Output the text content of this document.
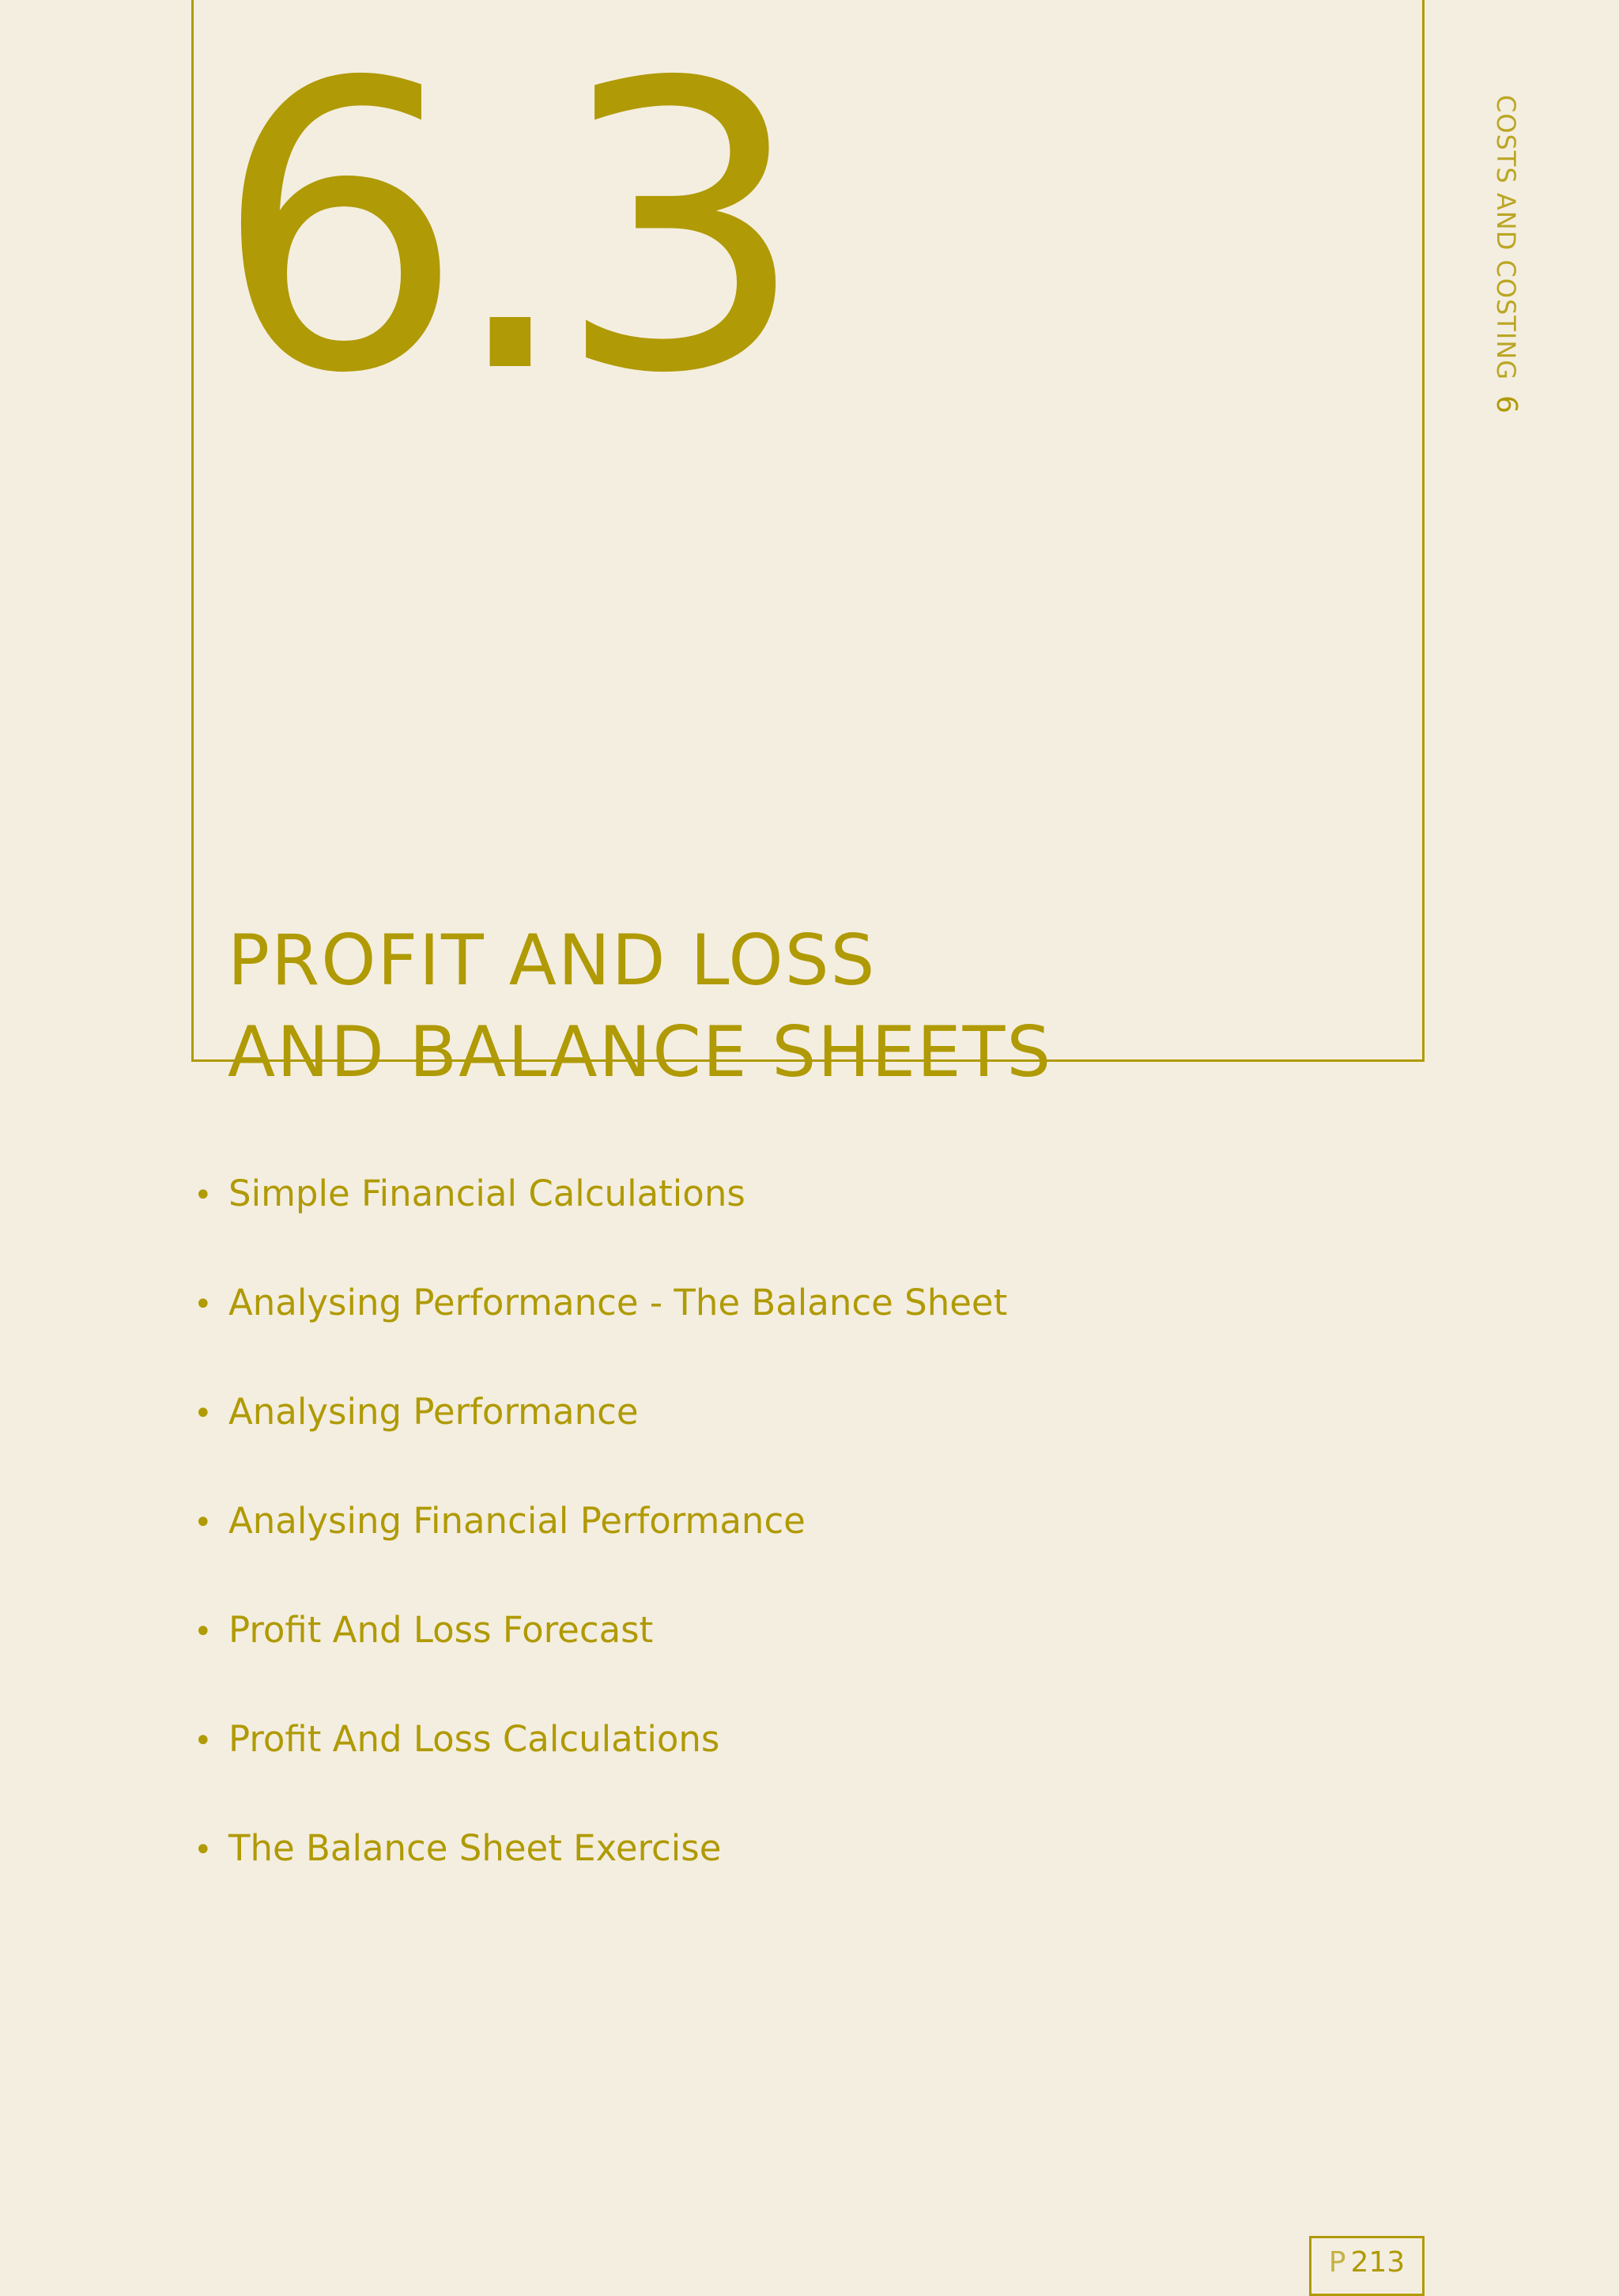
6.3
PROFIT AND LOSS
AND BALANCE SHEETS
COSTS AND COSTING 6
• Simple Financial Calculations
• Analysing Performance - The Balance Sheet
• Analysing Performance
• Analysing Financial Performance
• Profit And Loss Forecast
• Profit And Loss Calculations
• The Balance Sheet Exercise
P 213
